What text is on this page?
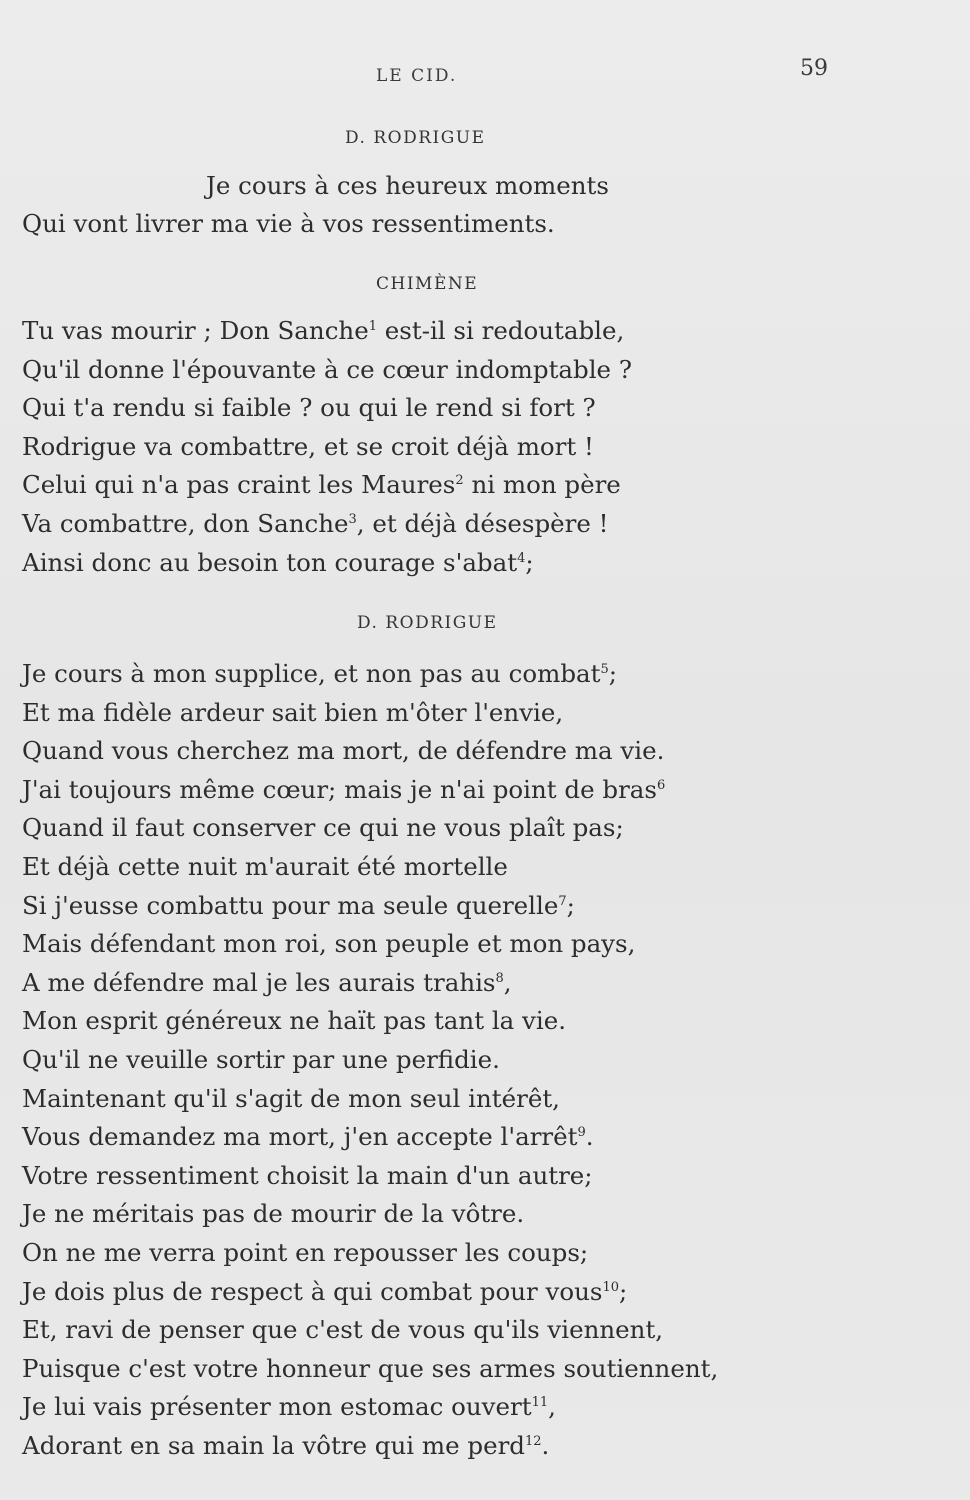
LE CID.	59
D. RODRIGUE
Je cours à ces heureux moments
Qui vont livrer ma vie à vos ressentiments.
CHIMÈNE
Tu vas mourir ; Don Sanche$^1$ est-il si redoutable,
Qu'il donne l'épouvante à ce cœur indomptable ?
Qui t'a rendu si faible ? ou qui le rend si fort ?
Rodrigue va combattre, et se croit déjà mort !
Celui qui n'a pas craint les Maures$^2$ ni mon père
Va combattre, don Sanche$^3$, et déjà désespère !
Ainsi donc au besoin ton courage s'abat$^4$;
D. RODRIGUE
Je cours à mon supplice, et non pas au combat$^5$;
Et ma fidèle ardeur sait bien m'ôter l'envie,
Quand vous cherchez ma mort, de défendre ma vie.
J'ai toujours même cœur; mais je n'ai point de bras$^6$
Quand il faut conserver ce qui ne vous plaît pas;
Et déjà cette nuit m'aurait été mortelle
Si j'eusse combattu pour ma seule querelle$^7$;
Mais défendant mon roi, son peuple et mon pays,
A me défendre mal je les aurais trahis$^8$,
Mon esprit généreux ne haït pas tant la vie.
Qu'il ne veuille sortir par une perfidie.
Maintenant qu'il s'agit de mon seul intérêt,
Vous demandez ma mort, j'en accepte l'arrêt$^9$.
Votre ressentiment choisit la main d'un autre;
Je ne méritais pas de mourir de la vôtre.
On ne me verra point en repousser les coups;
Je dois plus de respect à qui combat pour vous$^{10}$;
Et, ravi de penser que c'est de vous qu'ils viennent,
Puisque c'est votre honneur que ses armes soutiennent,
Je lui vais présenter mon estomac ouvert$^{11}$,
Adorant en sa main la vôtre qui me perd$^{12}$.
